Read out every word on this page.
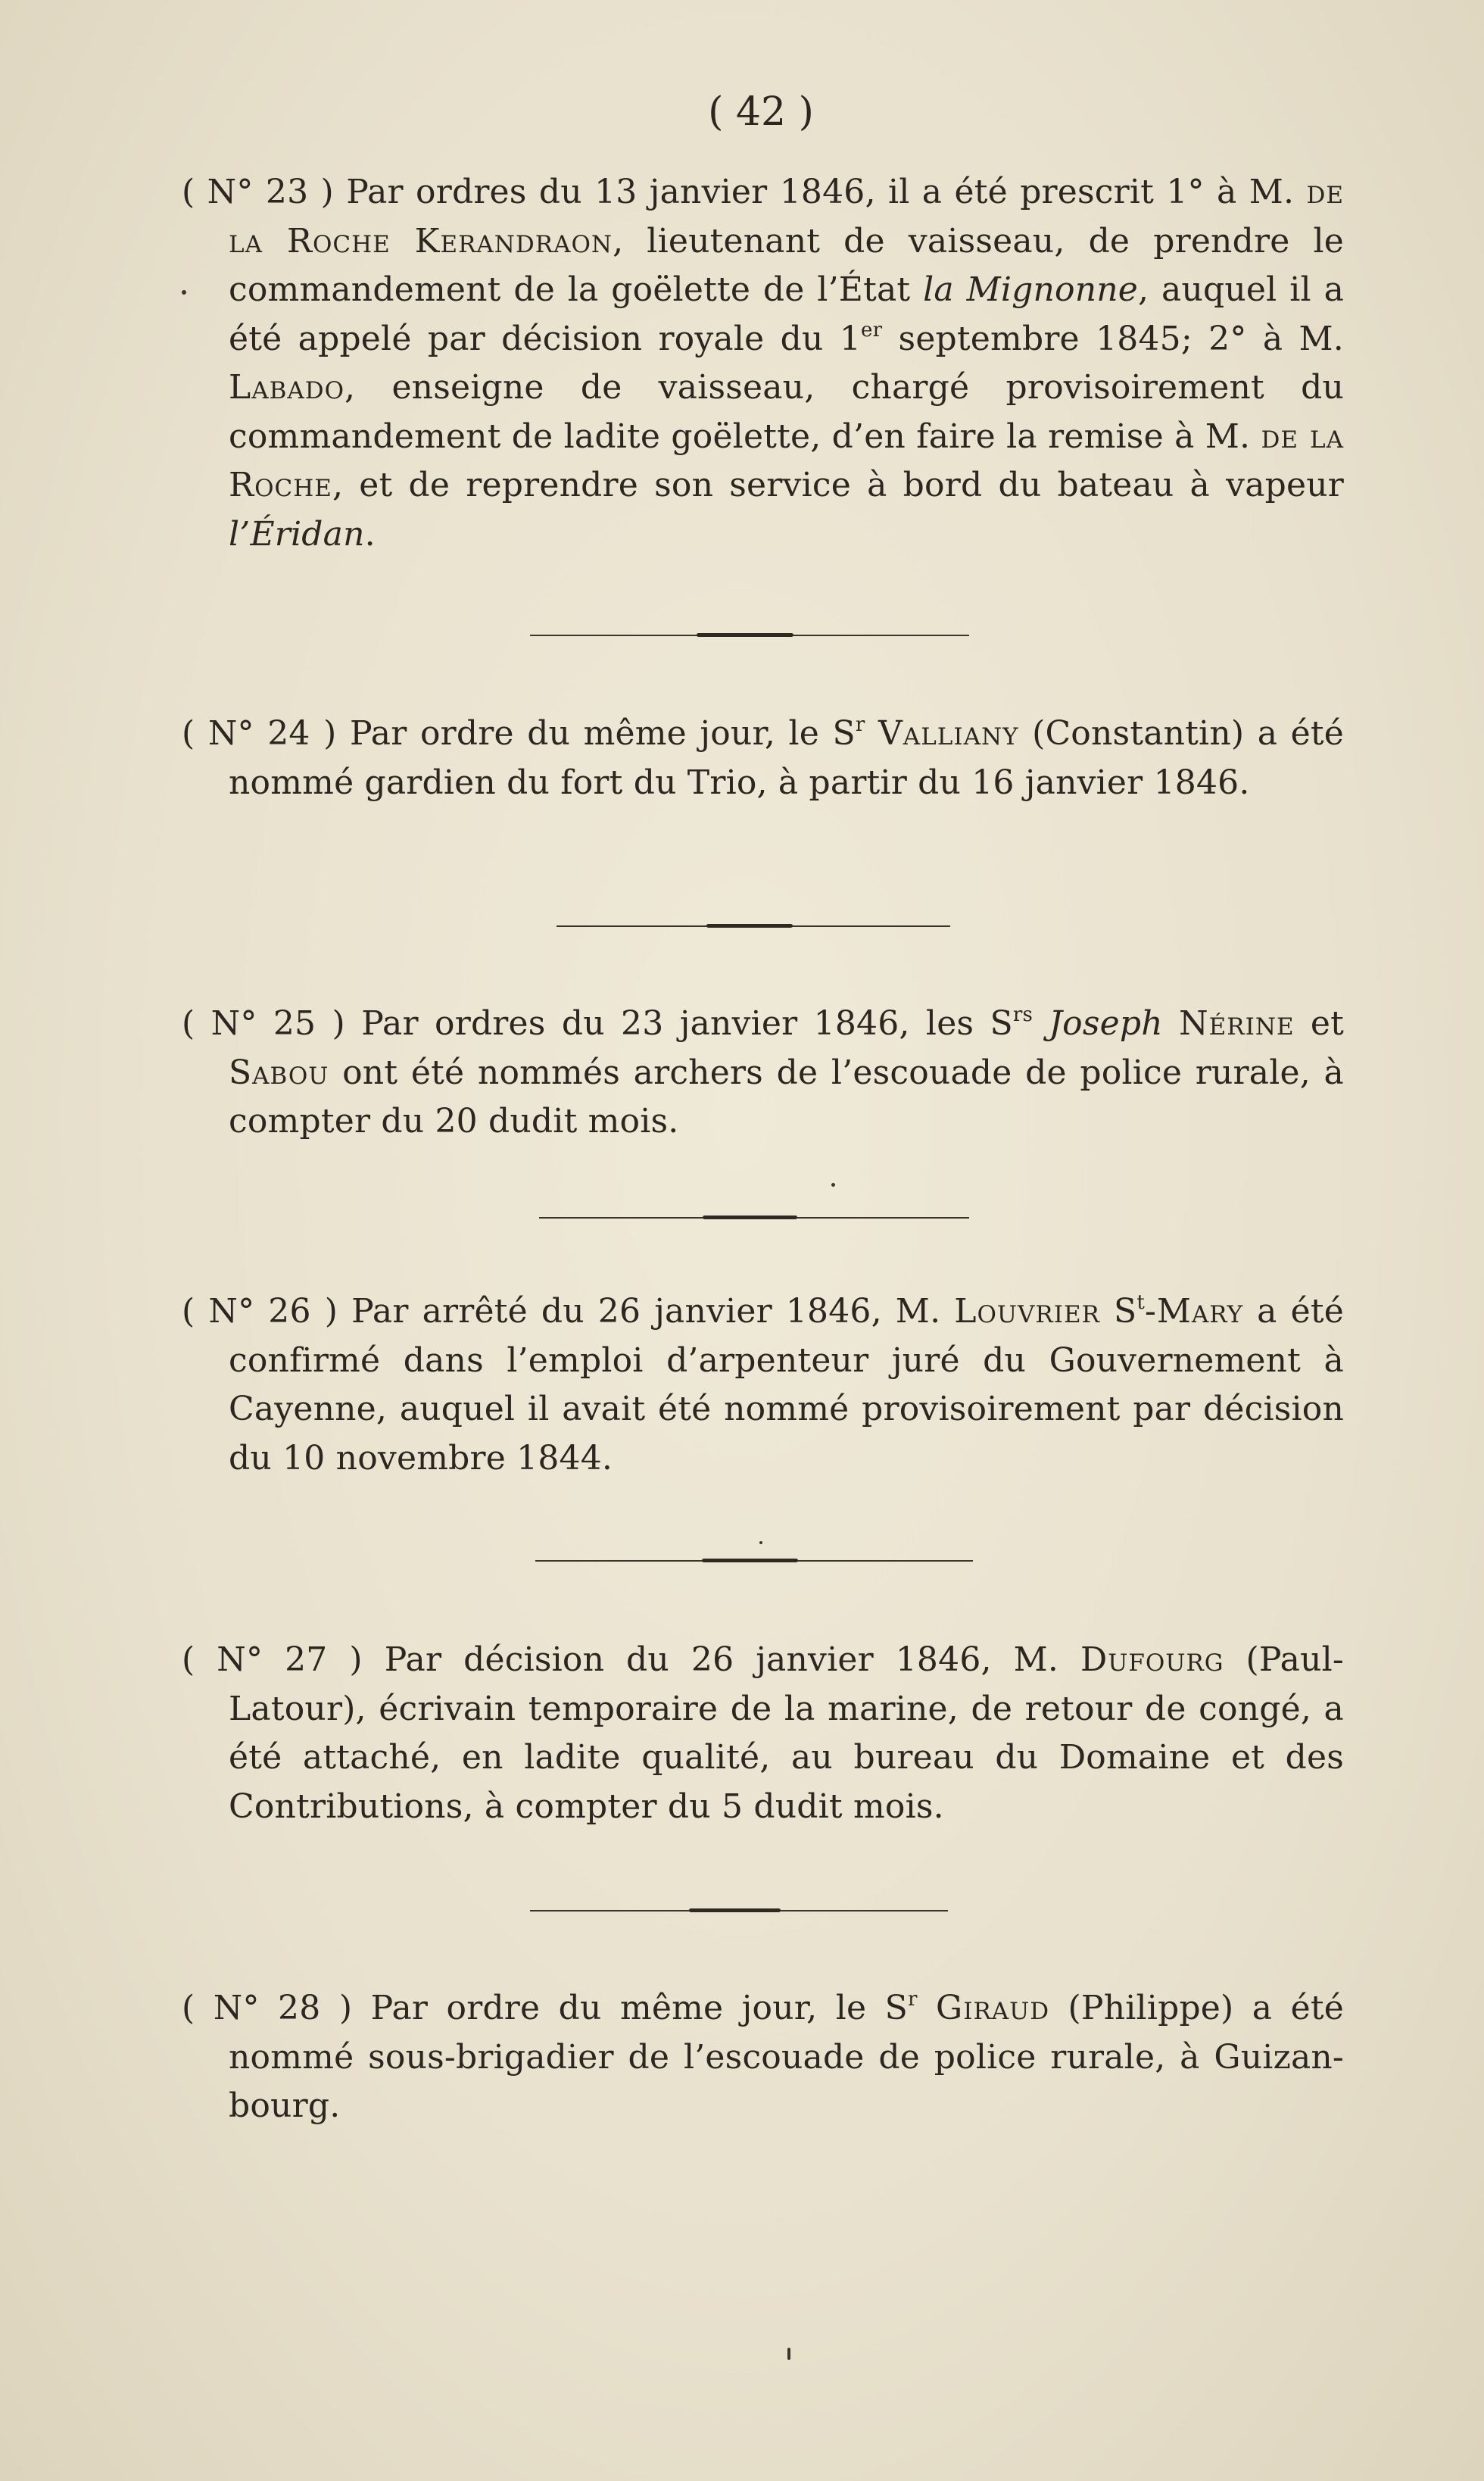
( 42 )

( N° 23 ) Par ordres du 13 janvier 1846, il a été prescrit 1° à M. de la Roche Kerandraon, lieutenant de vaisseau, de prendre le commandement de la goëlette de l’État la Mignonne, auquel il a été appelé par décision royale du 1er septembre 1845; 2° à M. Labado, enseigne de vaisseau, chargé provisoirement du commandement de ladite goëlette, d’en faire la remise à M. de la Roche, et de reprendre son service à bord du bateau à vapeur l’Éridan.

( N° 24 ) Par ordre du même jour, le $S^r$ Valliany (Constantin) a été nommé gardien du fort du Trio, à partir du 16 janvier 1846.

( N° 25 ) Par ordres du 23 janvier 1846, les $S^{rs}$ Joseph Nérine et Sabou ont été nommés archers de l’escouade de police rurale, à compter du 20 dudit mois.

( N° 26 ) Par arrêté du 26 janvier 1846, M. Louvrier $S^t$-Mary a été confirmé dans l’emploi d’arpenteur juré du Gouvernement à Cayenne, auquel il avait été nommé provisoirement par décision du 10 novembre 1844.

( N° 27 ) Par décision du 26 janvier 1846, M. Dufourg (Paul-Latour), écrivain temporaire de la marine, de retour de congé, a été attaché, en ladite qualité, au bureau du Domaine et des Contributions, à compter du 5 dudit mois.

( N° 28 ) Par ordre du même jour, le $S^r$ Giraud (Philippe) a été nommé sous-brigadier de l’escouade de police rurale, à Guizan-bourg.
